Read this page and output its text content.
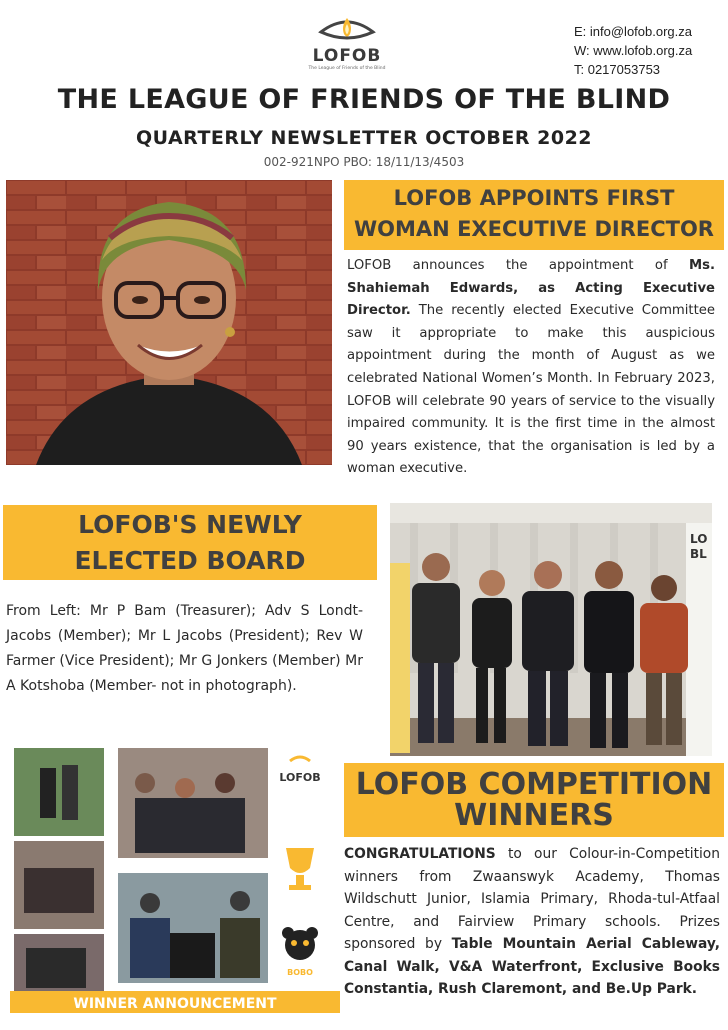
LOFOB
The League of Friends of the Blind
E: info@lofob.org.za
W: www.lofob.org.za
T: 0217053753
THE LEAGUE OF FRIENDS OF THE BLIND
QUARTERLY NEWSLETTER OCTOBER 2022
002-921NPO PBO: 18/11/13/4503
LOFOB APPOINTS FIRST
WOMAN EXECUTIVE DIRECTOR
LOFOB announces the appointment of Ms. Shahiemah Edwards, as Acting Executive Director. The recently elected Executive Committee saw it appropriate to make this auspicious appointment during the month of August as we celebrated National Women’s Month. In February 2023, LOFOB will celebrate 90 years of service to the visually impaired community. It is the first time in the almost 90 years existence, that the organisation is led by a woman executive.
LOFOB'S NEWLY
ELECTED BOARD
From Left: Mr P Bam (Treasurer); Adv S Londt-Jacobs (Member); Mr L Jacobs (President); Rev W Farmer (Vice President); Mr G Jonkers (Member) Mr A Kotshoba (Member- not in photograph).
LO
BL
LOFOB
BOBO
WINNER ANNOUNCEMENT
LOFOB COMPETITION
WINNERS
CONGRATULATIONS to our Colour-in-Competition winners from Zwaanswyk Academy, Thomas Wildschutt Junior, Islamia Primary, Rhoda-tul-Atfaal Centre, and Fairview Primary schools. Prizes sponsored by Table Mountain Aerial Cableway, Canal Walk, V&A Waterfront, Exclusive Books Constantia, Rush Claremont, and Be.Up Park.
